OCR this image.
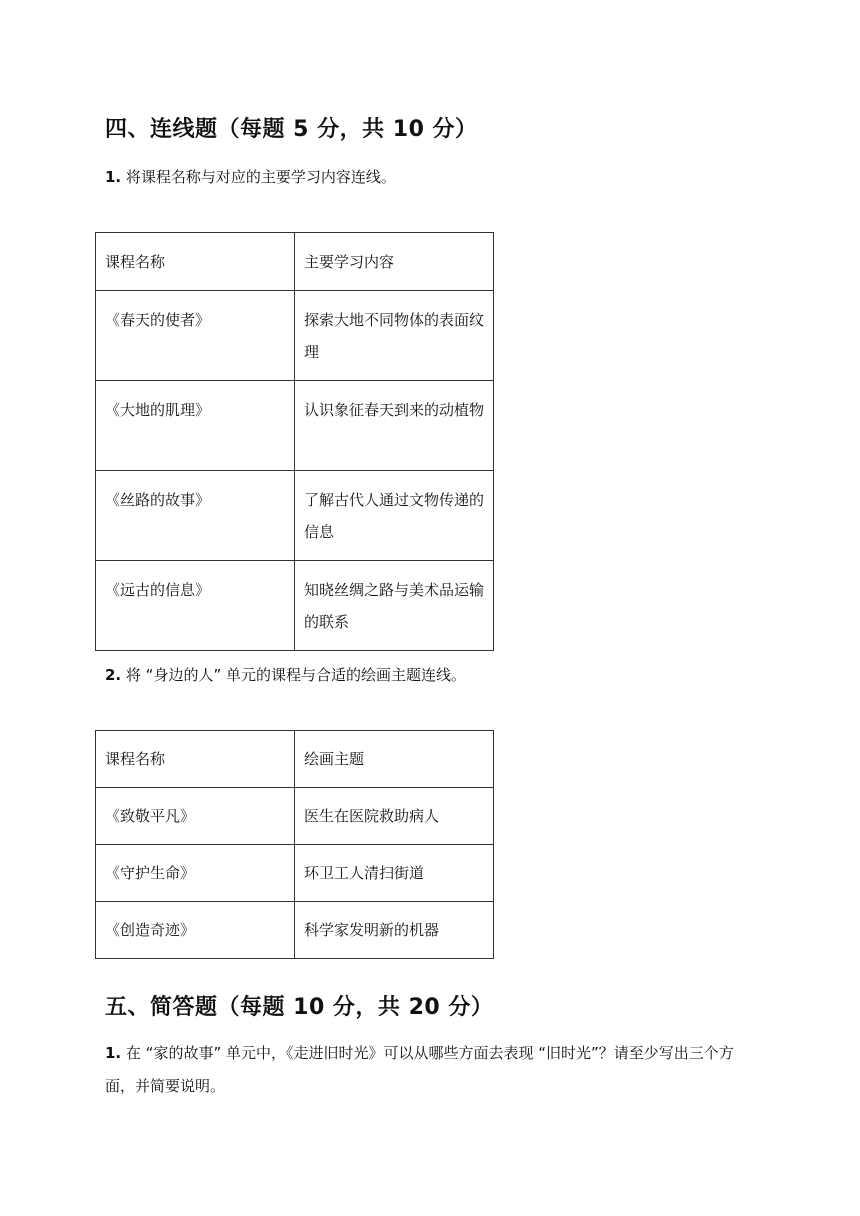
四、连线题（每题 5 分，共 10 分）
1. 将课程名称与对应的主要学习内容连线。
课程名称	主要学习内容
《春天的使者》	探索大地不同物体的表面纹理
《大地的肌理》	认识象征春天到来的动植物
《丝路的故事》	了解古代人通过文物传递的信息
《远古的信息》	知晓丝绸之路与美术品运输的联系
2. 将 “身边的人” 单元的课程与合适的绘画主题连线。
课程名称	绘画主题
《致敬平凡》	医生在医院救助病人
《守护生命》	环卫工人清扫街道
《创造奇迹》	科学家发明新的机器
五、简答题（每题 10 分，共 20 分）
1. 在 “家的故事” 单元中，《走进旧时光》可以从哪些方面去表现 “旧时光”？请至少写出三个方面，并简要说明。
